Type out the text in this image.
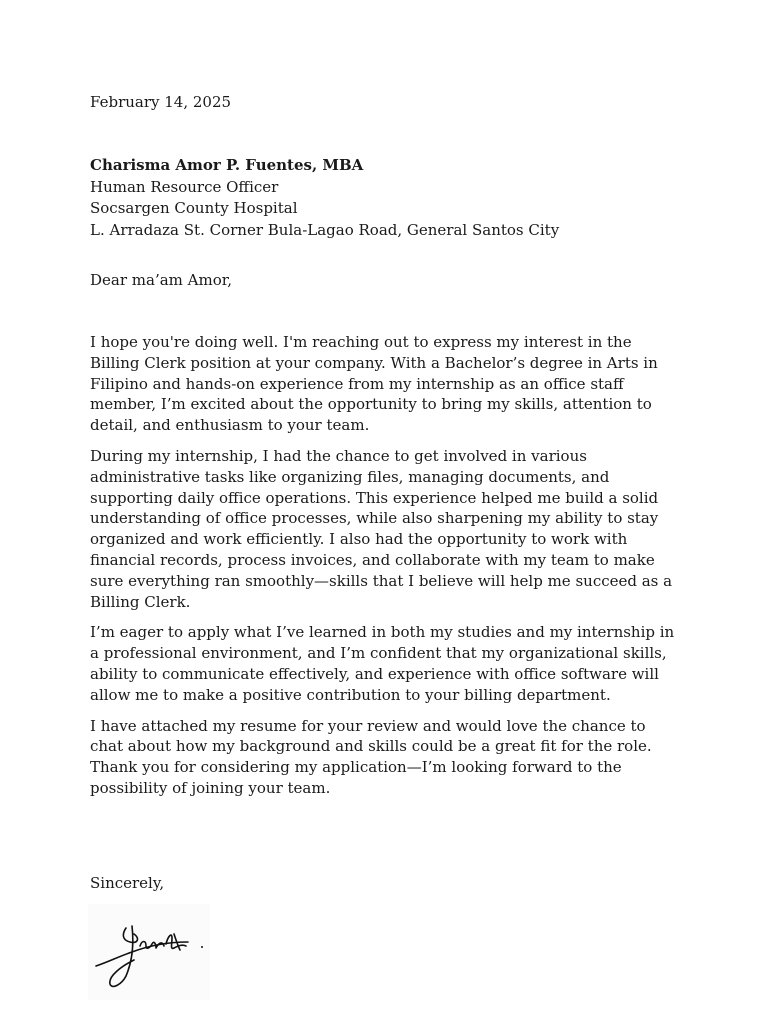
February 14, 2025
Charisma Amor P. Fuentes, MBA
Human Resource Officer
Socsargen County Hospital
L. Arradaza St. Corner Bula-Lagao Road, General Santos City
Dear ma’am Amor,

I hope you're doing well. I'm reaching out to express my interest in the Billing Clerk position at your company. With a Bachelor’s degree in Arts in Filipino and hands-on experience from my internship as an office staff member, I’m excited about the opportunity to bring my skills, attention to detail, and enthusiasm to your team.

During my internship, I had the chance to get involved in various administrative tasks like organizing files, managing documents, and supporting daily office operations. This experience helped me build a solid understanding of office processes, while also sharpening my ability to stay organized and work efficiently. I also had the opportunity to work with financial records, process invoices, and collaborate with my team to make sure everything ran smoothly—skills that I believe will help me succeed as a Billing Clerk.

I’m eager to apply what I’ve learned in both my studies and my internship in a professional environment, and I’m confident that my organizational skills, ability to communicate effectively, and experience with office software will allow me to make a positive contribution to your billing department.

I have attached my resume for your review and would love the chance to chat about how my background and skills could be a great fit for the role. Thank you for considering my application—I’m looking forward to the possibility of joining your team.

Sincerely,
